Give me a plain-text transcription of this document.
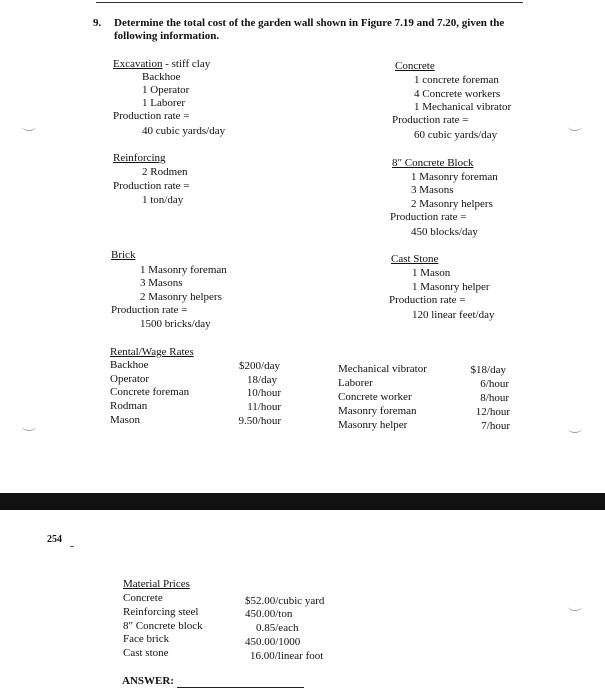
9. Determine the total cost of the garden wall shown in Figure 7.19 and 7.20, given the
following information.
Excavation - stiff clay
Backhoe
1 Operator
1 Laborer
Production rate =
40 cubic yards/day
Concrete
1 concrete foreman
4 Concrete workers
1 Mechanical vibrator
Production rate =
60 cubic yards/day
Reinforcing
2 Rodmen
Production rate =
1 ton/day
8" Concrete Block
1 Masonry foreman
3 Masons
2 Masonry helpers
Production rate =
450 blocks/day
Brick
1 Masonry foreman
3 Masons
2 Masonry helpers
Production rate =
1500 bricks/day
Cast Stone
1 Mason
1 Masonry helper
Production rate =
120 linear feet/day
Rental/Wage Rates
Backhoe
Operator
Concrete foreman
Rodman
Mason
$200/day
18/day
10/hour
11/hour
9.50/hour
Mechanical vibrator
Laborer
Concrete worker
Masonry foreman
Masonry helper
$18/day
6/hour
8/hour
12/hour
7/hour
254
Material Prices
Concrete
Reinforcing steel
8" Concrete block
Face brick
Cast stone
$52.00/cubic yard
450.00/ton
0.85/each
450.00/1000
16.00/linear foot
ANSWER:
